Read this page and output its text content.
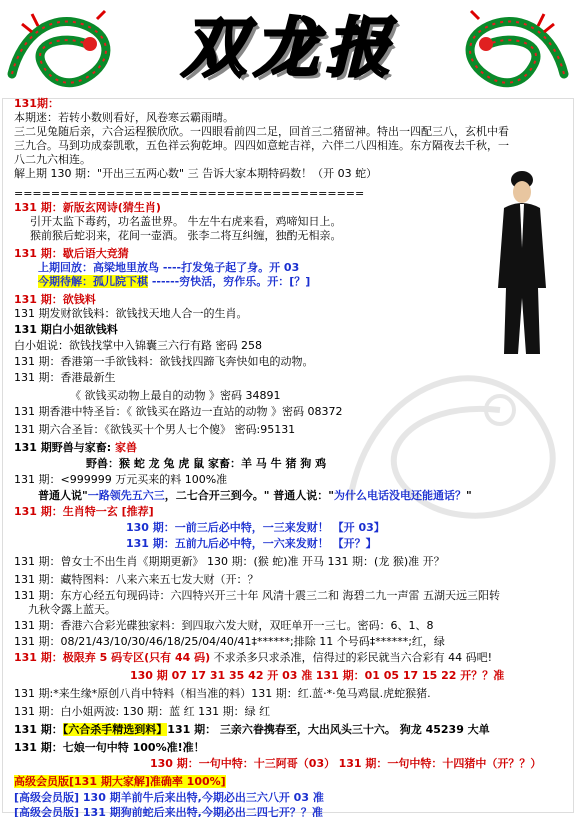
双龙报
131期：
本期迷：若转小数则看好，风卷寒云霸雨晴。
三二见兔随后亲，六合运程猴欣欣。一四眼看前四二足，回首三二猪留神。特出一四配三八，玄机中看
三九合。马到功成泰凯歌，五色祥云狗乾坤。四四如意蛇吉祥，六伴二八四相连。东方隔夜去千秋，一
八二九六相连。
解上期 130 期："开出三五两心数" 三 告诉大家本期特码数！（开 03 蛇）
======================================
131 期：新版玄网诗(猜生肖)
引开太监下毒药，功名盖世界。 牛左牛右虎来看，鸡啼知日上。
猴前猴后蛇羽来，花间一壶酒。 张李二将互纠缠，独酌无相亲。
131 期：歇后语大竞猜
上期回放：高梁地里放鸟 ----打发兔子起了身。开 03
今期待解：孤儿院下棋 ------穷快活，穷作乐。开：[？]
131 期：欲钱料
131 期发财欲钱料：欲钱找天地人合一的生肖。
131 期白小姐欲钱料
白小姐说：欲钱找掌中入锦囊三六行有路 密码 258
131 期：香港第一手欲钱料：欲钱找四蹄飞奔快如电的动物。
131 期：香港最新生
《 欲钱买动物上最自的动物 》密码 34891
131 期香港中特圣旨：《 欲钱买在路边一直站的动物 》密码 08372
131 期六合圣旨：《欲钱买十个男人七个傻》 密码:95131
131 期野兽与家畜: 家兽
野兽：猴 蛇 龙 兔 虎 鼠 家畜：羊 马 牛 猪 狗 鸡
131 期：<999999 万元买来的料 100%准
普通人说"一路领先五六三，二七合开三到今。" 普通人说："为什么电话没电还能通话？"
131 期：生肖特一玄 [推荐]
130 期：一前三后必中特，一三来发财！ 【开 03】
131 期：五前九后必中特，一六来发财！ 【开？】
131 期：曾女士不出生肖《期期更新》 130 期：(猴 蛇)准 开马 131 期：(龙 猴)准 开？
131 期：藏特图料：八来六来五七发大财（开：？
131 期：东方心经五句现码诗：六四特兴开三十年 风清十震三二和 海碧二九一声雷 五湖天远三阳转
九秋令露上蓝天。
131 期：香港六合彩光碟独家料：到四取六发大财，双旺单开一三七。密码：6、1、8
131 期：08/21/43/10/30/46/18/25/04/40/41‡******;排除 11 个号码‡******;红，绿
131 期：极限弃 5 码专区(只有 44 码) 不求杀多只求杀准，信得过的彩民就当六合彩有 44 码吧!
130 期 07 17 31 35 42 开 03 准 131 期：01 05 17 15 22 开？？准
131 期:*来生缘*原创八肖中特料（相当准的料）131 期：红.蓝·*·兔马鸡鼠.虎蛇猴猪.
131 期：白小姐两波: 130 期：蓝 红 131 期：绿 红
131 期：【六合杀手精选到料】131 期： 三亲六眷携春至，大出风头三十六。 狗龙 45239 大单
131 期：七娘一句中特 100%准!准！
130 期：一句中特：十三阿哥（03） 131 期：一句中特：十四猪中（开？？）
高级会员版[131 期大家解]准确率 100%]
[高级会员版] 130 期羊前牛后来出特,今期必出三六八开 03 准
[高级会员版] 131 期狗前蛇后来出特,今期必出二四七开？？准
